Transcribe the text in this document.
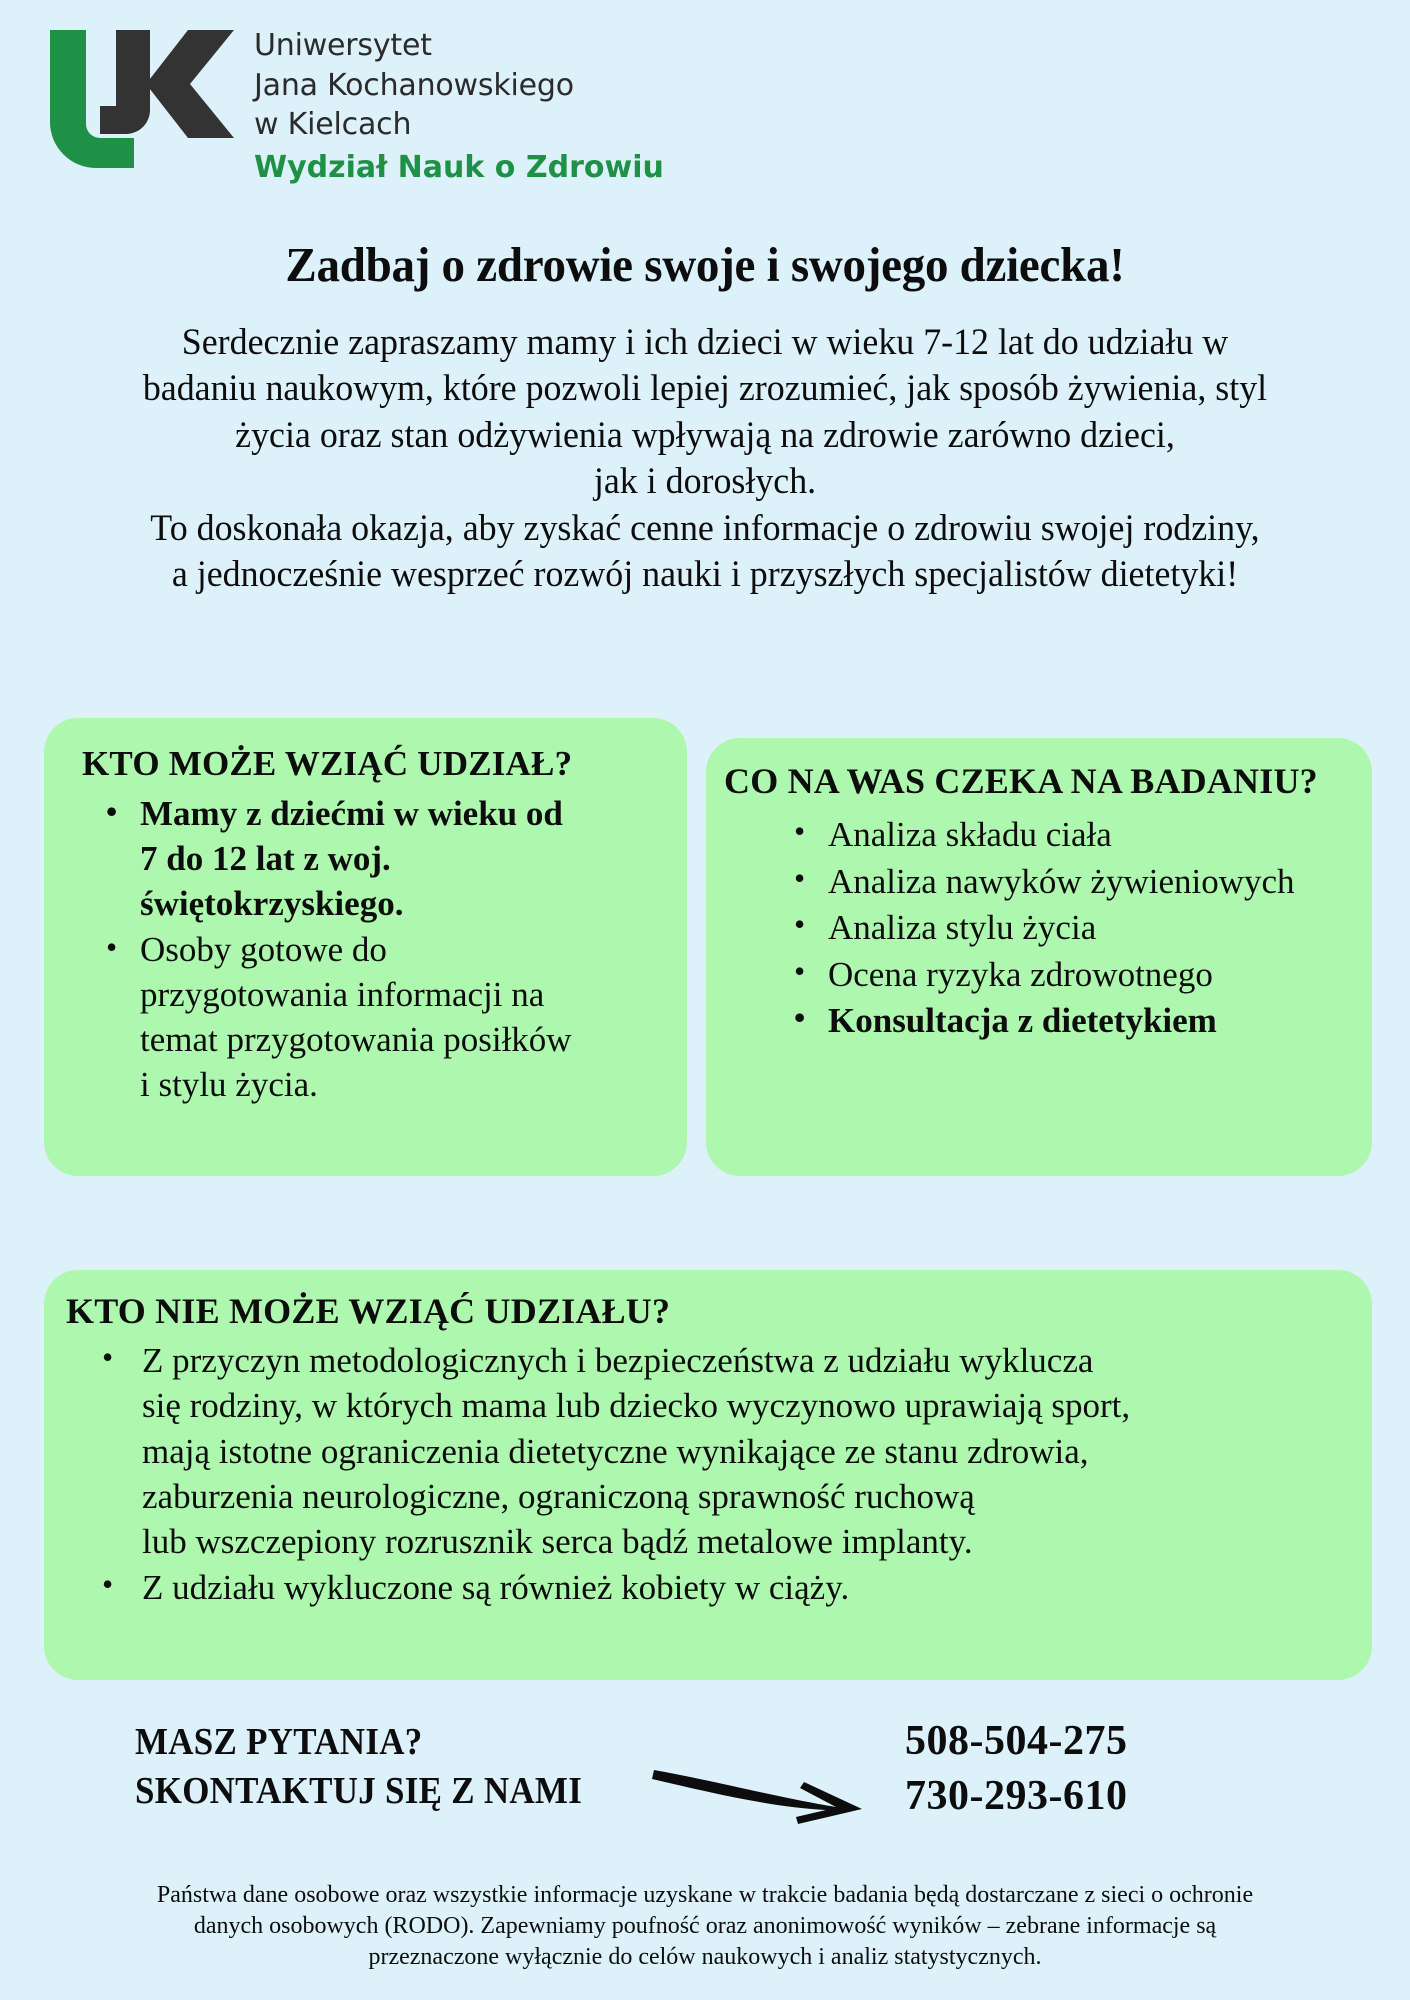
Uniwersytet
Jana Kochanowskiego
w Kielcach
Wydział Nauk o Zdrowiu
Zadbaj o zdrowie swoje i swojego dziecka!
Serdecznie zapraszamy mamy i ich dzieci w wieku 7-12 lat do udziału w
badaniu naukowym, które pozwoli lepiej zrozumieć, jak sposób żywienia, styl
życia oraz stan odżywienia wpływają na zdrowie zarówno dzieci,
jak i dorosłych.
To doskonała okazja, aby zyskać cenne informacje o zdrowiu swojej rodziny,
a jednocześnie wesprzeć rozwój nauki i przyszłych specjalistów dietetyki!
KTO MOŻE WZIĄĆ UDZIAŁ?
• Mamy z dziećmi w wieku od 7 do 12 lat z woj. świętokrzyskiego.
• Osoby gotowe do przygotowania informacji na temat przygotowania posiłków i stylu życia.
CO NA WAS CZEKA NA BADANIU?
• Analiza składu ciała
• Analiza nawyków żywieniowych
• Analiza stylu życia
• Ocena ryzyka zdrowotnego
• Konsultacja z dietetykiem
KTO NIE MOŻE WZIĄĆ UDZIAŁU?
• Z przyczyn metodologicznych i bezpieczeństwa z udziału wyklucza
się rodziny, w których mama lub dziecko wyczynowo uprawiają sport,
mają istotne ograniczenia dietetyczne wynikające ze stanu zdrowia,
zaburzenia neurologiczne, ograniczoną sprawność ruchową
lub wszczepiony rozrusznik serca bądź metalowe implanty.
• Z udziału wykluczone są również kobiety w ciąży.
MASZ PYTANIA?
SKONTAKTUJ SIĘ Z NAMI
508-504-275
730-293-610
Państwa dane osobowe oraz wszystkie informacje uzyskane w trakcie badania będą dostarczane z sieci o ochronie
danych osobowych (RODO). Zapewniamy poufność oraz anonimowość wyników – zebrane informacje są
przeznaczone wyłącznie do celów naukowych i analiz statystycznych.
